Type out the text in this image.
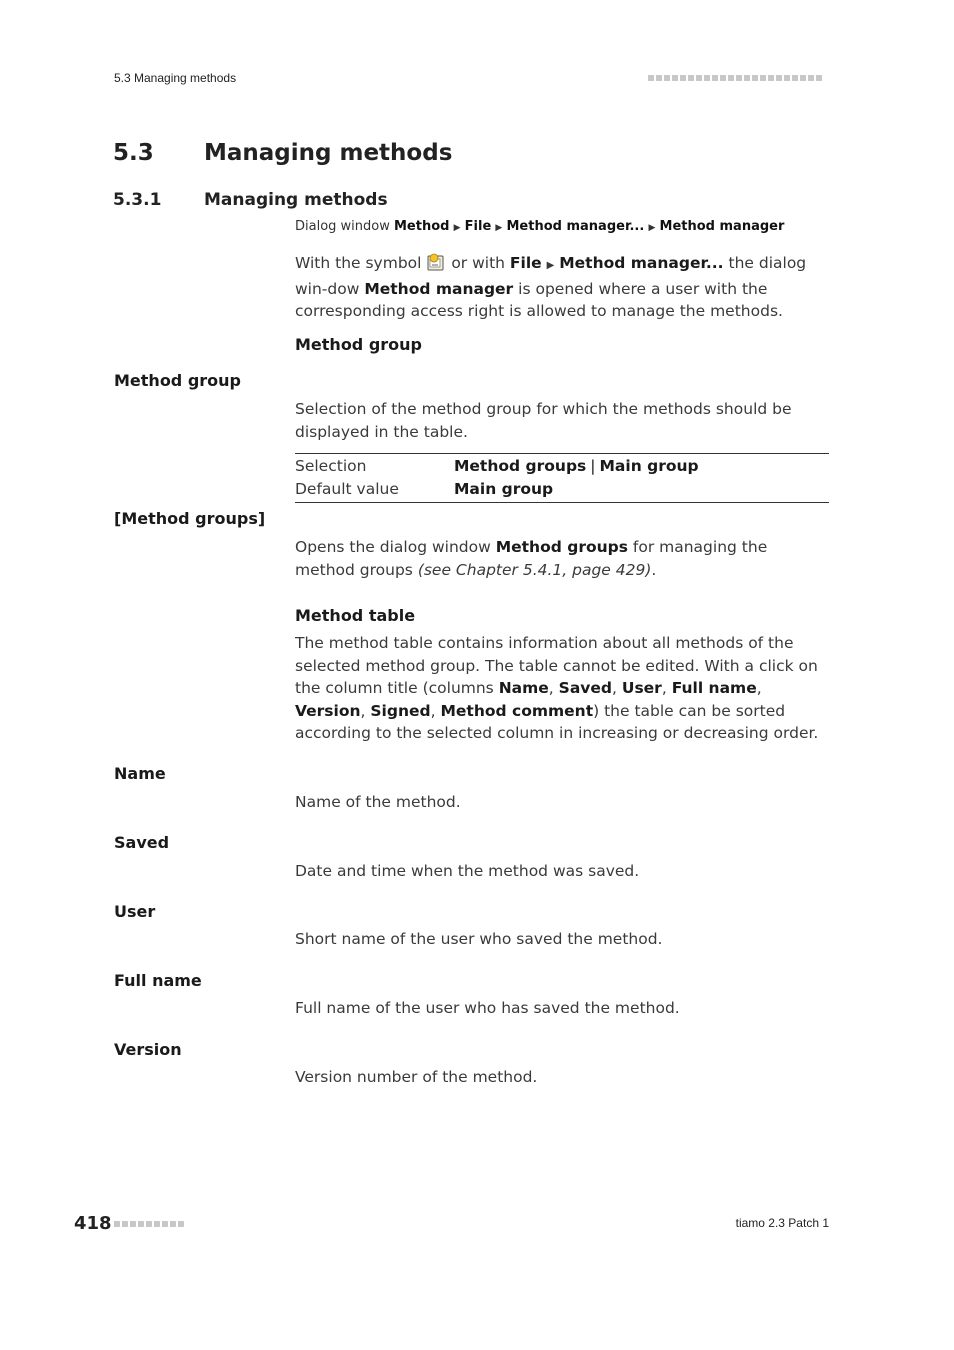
5.3 Managing methods
5.3 Managing methods
5.3.1	Managing methods
Dialog window Method ▶ File ▶ Method manager... ▶ Method manager
With the symbol  or with File ▶ Method manager... the dialog win-dow Method manager is opened where a user with the corresponding access right is allowed to manage the methods.
Method group
Method group
Selection of the method group for which the methods should be displayed in the table.
Selection	Method groups | Main group
Default value	Main group
[Method groups]
Opens the dialog window Method groups for managing the method groups (see Chapter 5.4.1, page 429).
Method table
The method table contains information about all methods of the selected method group. The table cannot be edited. With a click on the column title (columns Name, Saved, User, Full name, Version, Signed, Method comment) the table can be sorted according to the selected column in increasing or decreasing order.
Name
Name of the method.
Saved
Date and time when the method was saved.
User
Short name of the user who saved the method.
Full name
Full name of the user who has saved the method.
Version
Version number of the method.
418	tiamo 2.3 Patch 1
